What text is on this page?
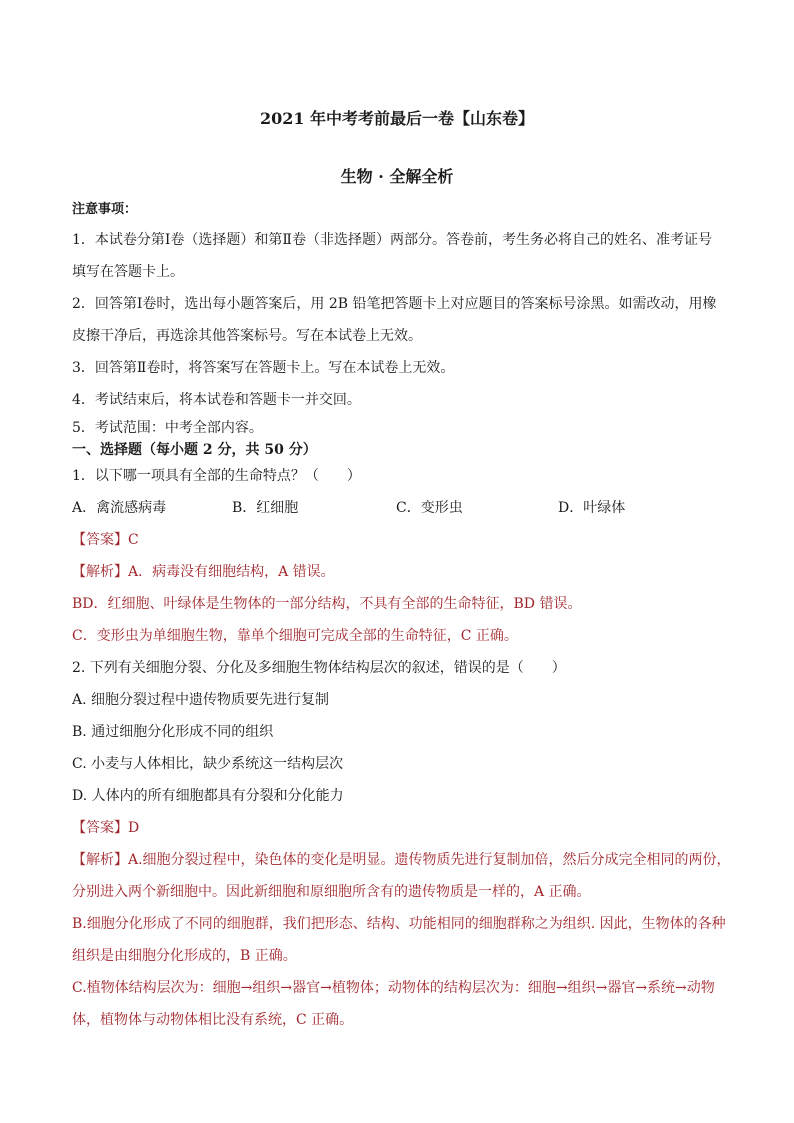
2021 年中考考前最后一卷【山东卷】
生物 · 全解全析
注意事项：
1．本试卷分第Ⅰ卷（选择题）和第Ⅱ卷（非选择题）两部分。答卷前，考生务必将自己的姓名、准考证号
填写在答题卡上。
2．回答第Ⅰ卷时，选出每小题答案后，用 2B 铅笔把答题卡上对应题目的答案标号涂黑。如需改动，用橡
皮擦干净后，再选涂其他答案标号。写在本试卷上无效。
3．回答第Ⅱ卷时，将答案写在答题卡上。写在本试卷上无效。
4．考试结束后，将本试卷和答题卡一并交回。
5．考试范围：中考全部内容。
一、选择题（每小题 2 分，共 50 分）
1．以下哪一项具有全部的生命特点？（　　）
A．禽流感病毒	B．红细胞	C．变形虫	D．叶绿体
【答案】C
【解析】A．病毒没有细胞结构，A 错误。
BD．红细胞、叶绿体是生物体的一部分结构，不具有全部的生命特征，BD 错误。
C．变形虫为单细胞生物，靠单个细胞可完成全部的生命特征，C 正确。
2. 下列有关细胞分裂、分化及多细胞生物体结构层次的叙述，错误的是（　　）
A. 细胞分裂过程中遗传物质要先进行复制
B. 通过细胞分化形成不同的组织
C. 小麦与人体相比，缺少系统这一结构层次
D. 人体内的所有细胞都具有分裂和分化能力
【答案】D
【解析】A.细胞分裂过程中，染色体的变化是明显。遗传物质先进行复制加倍，然后分成完全相同的两份，
分别进入两个新细胞中。因此新细胞和原细胞所含有的遗传物质是一样的，A 正确。
B.细胞分化形成了不同的细胞群，我们把形态、结构、功能相同的细胞群称之为组织. 因此，生物体的各种
组织是由细胞分化形成的，B 正确。
C.植物体结构层次为：细胞→组织→器官→植物体；动物体的结构层次为：细胞→组织→器官→系统→动物
体，植物体与动物体相比没有系统，C 正确。
